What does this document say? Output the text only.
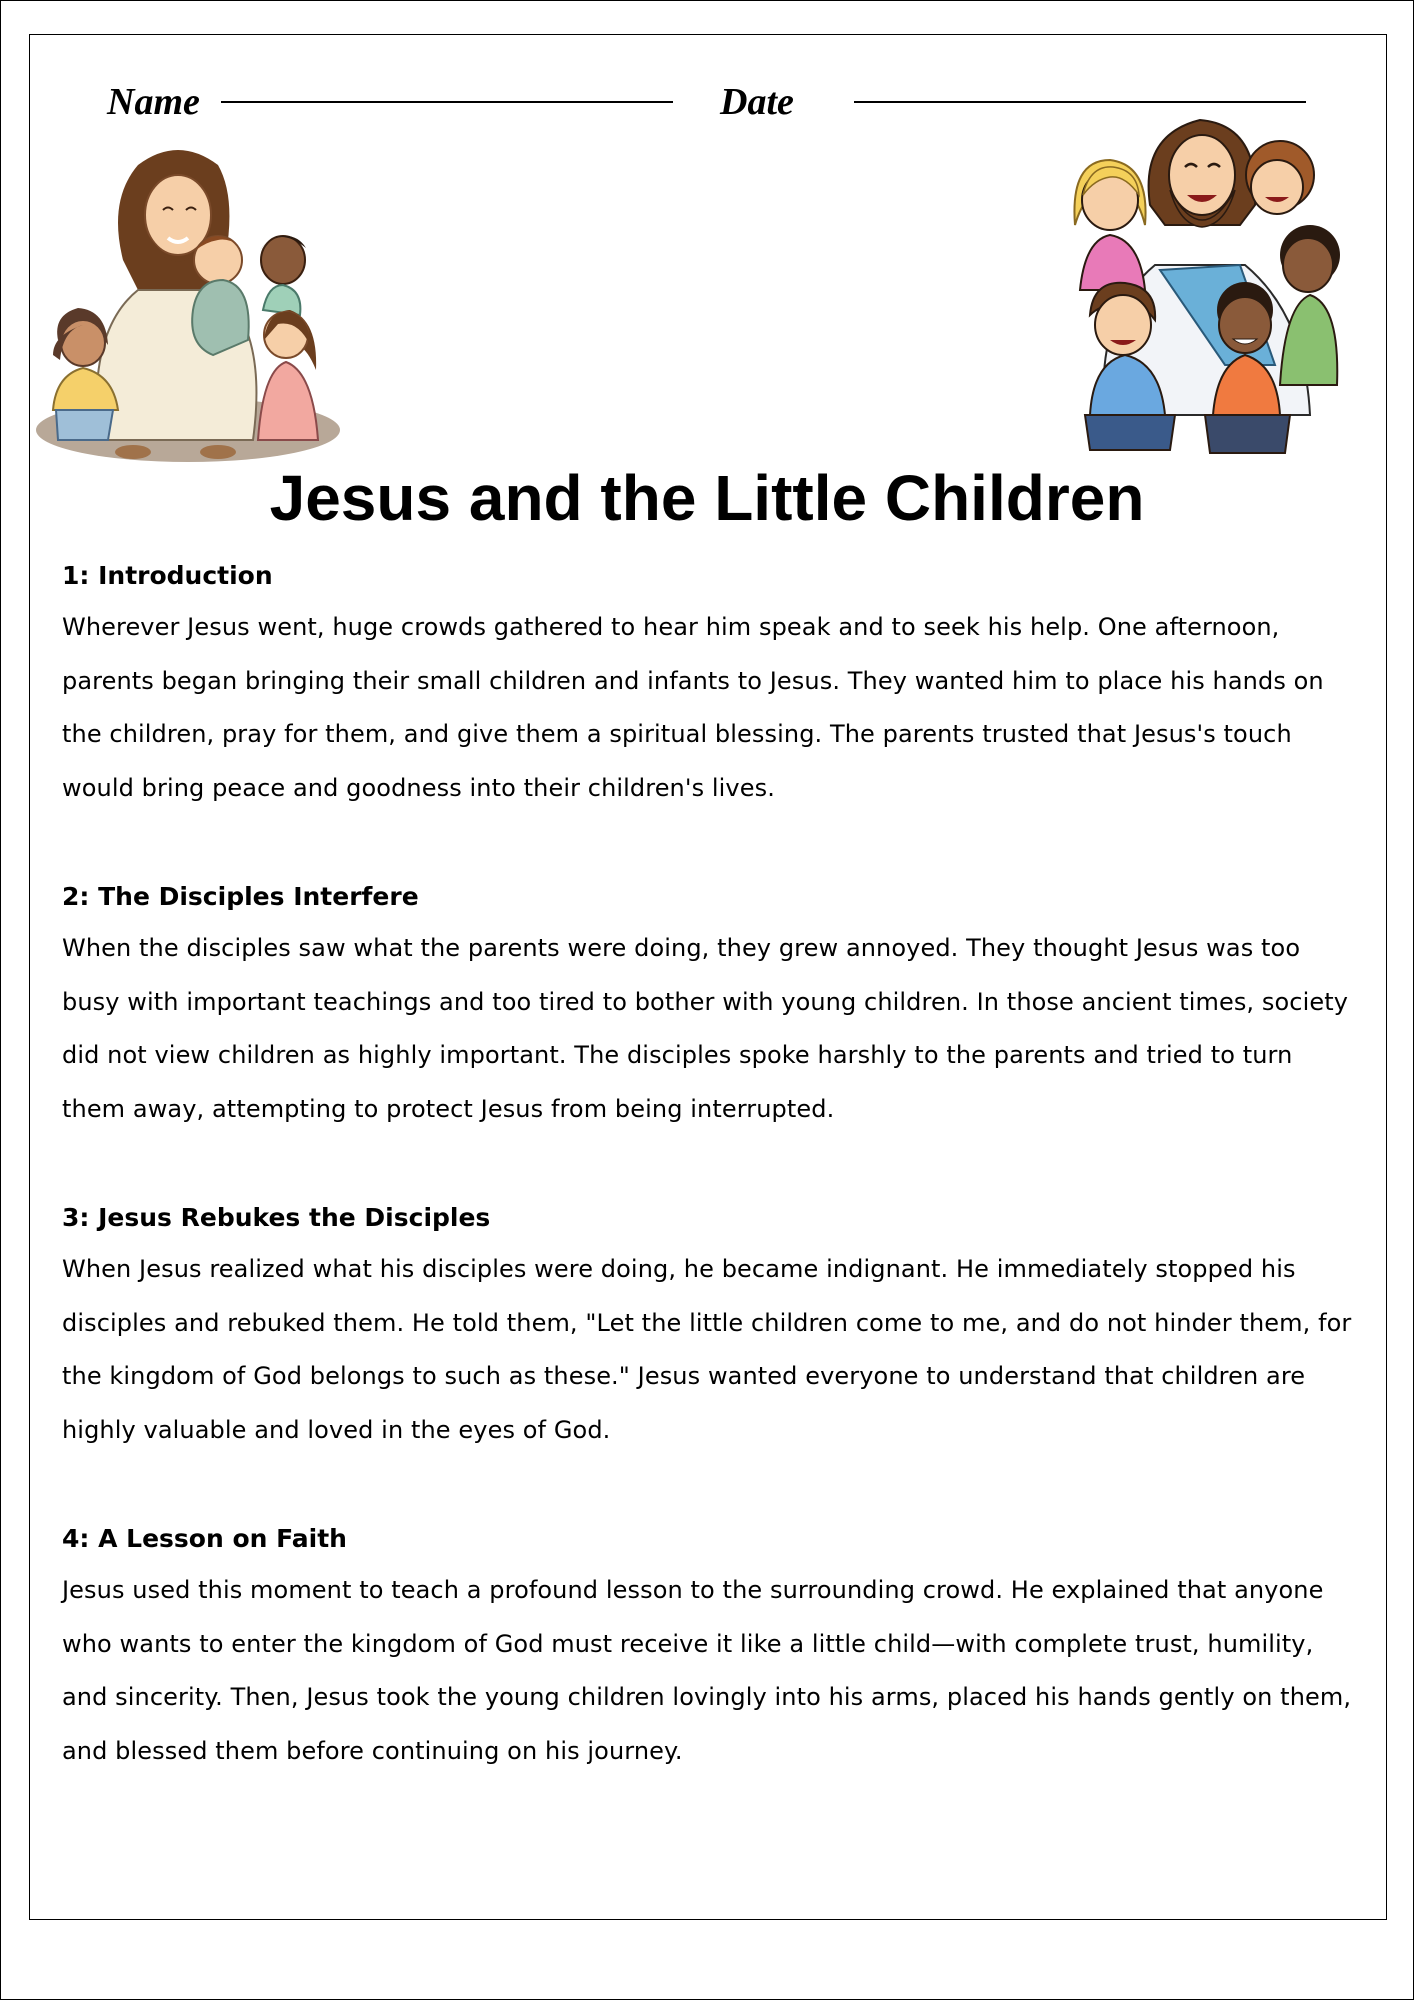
Name	Date
Jesus and the Little Children
1: Introduction

Wherever Jesus went, huge crowds gathered to hear him speak and to seek his help. One afternoon, parents began bringing their small children and infants to Jesus. They wanted him to place his hands on the children, pray for them, and give them a spiritual blessing. The parents trusted that Jesus's touch would bring peace and goodness into their children's lives.

2: The Disciples Interfere

When the disciples saw what the parents were doing, they grew annoyed. They thought Jesus was too busy with important teachings and too tired to bother with young children. In those ancient times, society did not view children as highly important. The disciples spoke harshly to the parents and tried to turn them away, attempting to protect Jesus from being interrupted.

3: Jesus Rebukes the Disciples

When Jesus realized what his disciples were doing, he became indignant. He immediately stopped his disciples and rebuked them. He told them, "Let the little children come to me, and do not hinder them, for the kingdom of God belongs to such as these." Jesus wanted everyone to understand that children are highly valuable and loved in the eyes of God.

4: A Lesson on Faith

Jesus used this moment to teach a profound lesson to the surrounding crowd. He explained that anyone who wants to enter the kingdom of God must receive it like a little child—with complete trust, humility, and sincerity. Then, Jesus took the young children lovingly into his arms, placed his hands gently on them, and blessed them before continuing on his journey.
